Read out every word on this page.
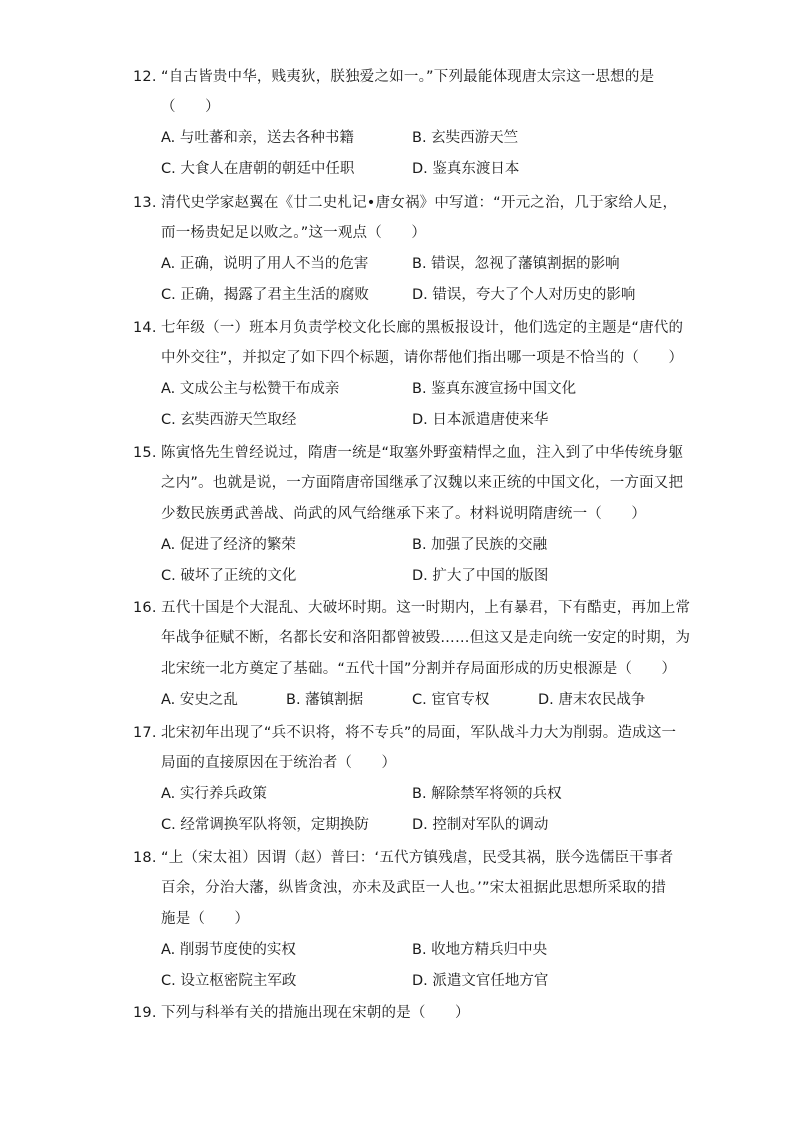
12. “自古皆贵中华，贱夷狄，朕独爱之如一。”下列最能体现唐太宗这一思想的是
（　　）
A. 与吐蕃和亲，送去各种书籍	B. 玄奘西游天竺
C. 大食人在唐朝的朝廷中任职	D. 鉴真东渡日本
13. 清代史学家赵翼在《廿二史札记•唐女祸》中写道：“开元之治，几于家给人足，
而一杨贵妃足以败之。”这一观点（　　）
A. 正确，说明了用人不当的危害	B. 错误，忽视了藩镇割据的影响
C. 正确，揭露了君主生活的腐败	D. 错误，夸大了个人对历史的影响
14. 七年级（一）班本月负责学校文化长廊的黑板报设计，他们选定的主题是“唐代的
中外交往”，并拟定了如下四个标题，请你帮他们指出哪一项是不恰当的（　　）
A. 文成公主与松赞干布成亲	B. 鉴真东渡宣扬中国文化
C. 玄奘西游天竺取经	D. 日本派遣唐使来华
15. 陈寅恪先生曾经说过，隋唐一统是“取塞外野蛮精悍之血，注入到了中华传统身躯
之内”。也就是说，一方面隋唐帝国继承了汉魏以来正统的中国文化，一方面又把
少数民族勇武善战、尚武的风气给继承下来了。材料说明隋唐统一（　　）
A. 促进了经济的繁荣	B. 加强了民族的交融
C. 破坏了正统的文化	D. 扩大了中国的版图
16. 五代十国是个大混乱、大破坏时期。这一时期内，上有暴君，下有酷吏，再加上常
年战争征赋不断，名都长安和洛阳都曾被毁……但这又是走向统一安定的时期，为
北宋统一北方奠定了基础。“五代十国”分割并存局面形成的历史根源是（　　）
A. 安史之乱	B. 藩镇割据	C. 宦官专权	D. 唐末农民战争
17. 北宋初年出现了“兵不识将，将不专兵”的局面，军队战斗力大为削弱。造成这一
局面的直接原因在于统治者（　　）
A. 实行养兵政策	B. 解除禁军将领的兵权
C. 经常调换军队将领，定期换防	D. 控制对军队的调动
18. “上（宋太祖）因谓（赵）普曰：‘五代方镇残虐，民受其祸，朕今选儒臣干事者
百余，分治大藩，纵皆贪浊，亦未及武臣一人也。’”宋太祖据此思想所采取的措
施是（　　）
A. 削弱节度使的实权	B. 收地方精兵归中央
C. 设立枢密院主军政	D. 派遣文官任地方官
19. 下列与科举有关的措施出现在宋朝的是（　　）
